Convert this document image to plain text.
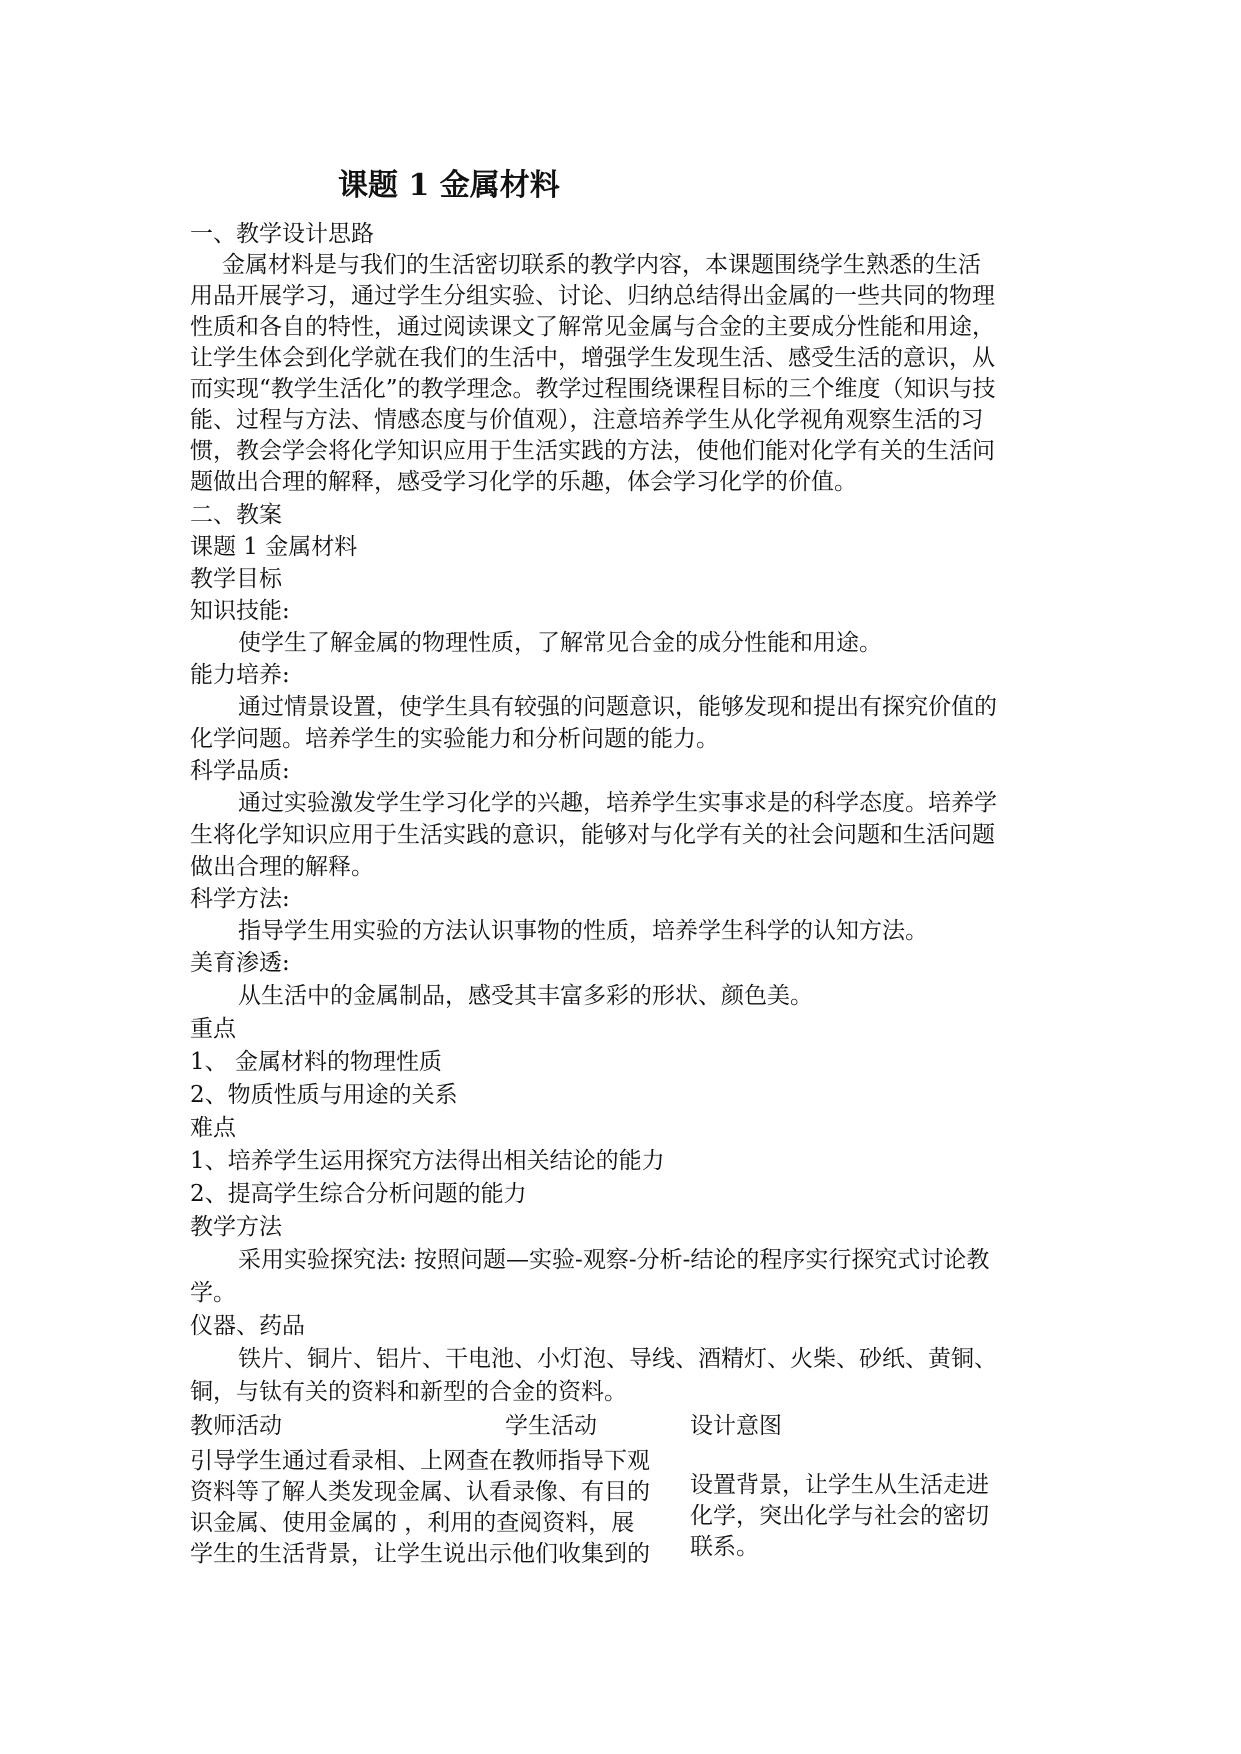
课题 1 金属材料
一、教学设计思路
金属材料是与我们的生活密切联系的教学内容，本课题围绕学生熟悉的生活
用品开展学习，通过学生分组实验、讨论、归纳总结得出金属的一些共同的物理
性质和各自的特性，通过阅读课文了解常见金属与合金的主要成分性能和用途，
让学生体会到化学就在我们的生活中，增强学生发现生活、感受生活的意识，从
而实现“教学生活化”的教学理念。教学过程围绕课程目标的三个维度（知识与技
能、过程与方法、情感态度与价值观），注意培养学生从化学视角观察生活的习
惯，教会学会将化学知识应用于生活实践的方法，使他们能对化学有关的生活问
题做出合理的解释，感受学习化学的乐趣，体会学习化学的价值。
二、教案
课题 1 金属材料
教学目标
知识技能:
使学生了解金属的物理性质，了解常见合金的成分性能和用途。
能力培养:
通过情景设置，使学生具有较强的问题意识，能够发现和提出有探究价值的
化学问题。培养学生的实验能力和分析问题的能力。
科学品质:
通过实验激发学生学习化学的兴趣，培养学生实事求是的科学态度。培养学
生将化学知识应用于生活实践的意识，能够对与化学有关的社会问题和生活问题
做出合理的解释。
科学方法:
指导学生用实验的方法认识事物的性质，培养学生科学的认知方法。
美育渗透:
从生活中的金属制品，感受其丰富多彩的形状、颜色美。
重点
1、 金属材料的物理性质
2、物质性质与用途的关系
难点
1、培养学生运用探究方法得出相关结论的能力
2、提高学生综合分析问题的能力
教学方法
采用实验探究法: 按照问题—实验-观察-分析-结论的程序实行探究式讨论教
学。
仪器、药品
铁片、铜片、铝片、干电池、小灯泡、导线、酒精灯、火柴、砂纸、黄铜、
铜，与钛有关的资料和新型的合金的资料。
教师活动	学生活动	设计意图
引导学生通过看录相、上网查在教师指导下观
资料等了解人类发现金属、认看录像、有目的
识金属、使用金属的 ，利用的查阅资料，展
学生的生活背景，让学生说出示他们收集到的
设置背景，让学生从生活走进
化学，突出化学与社会的密切
联系。
